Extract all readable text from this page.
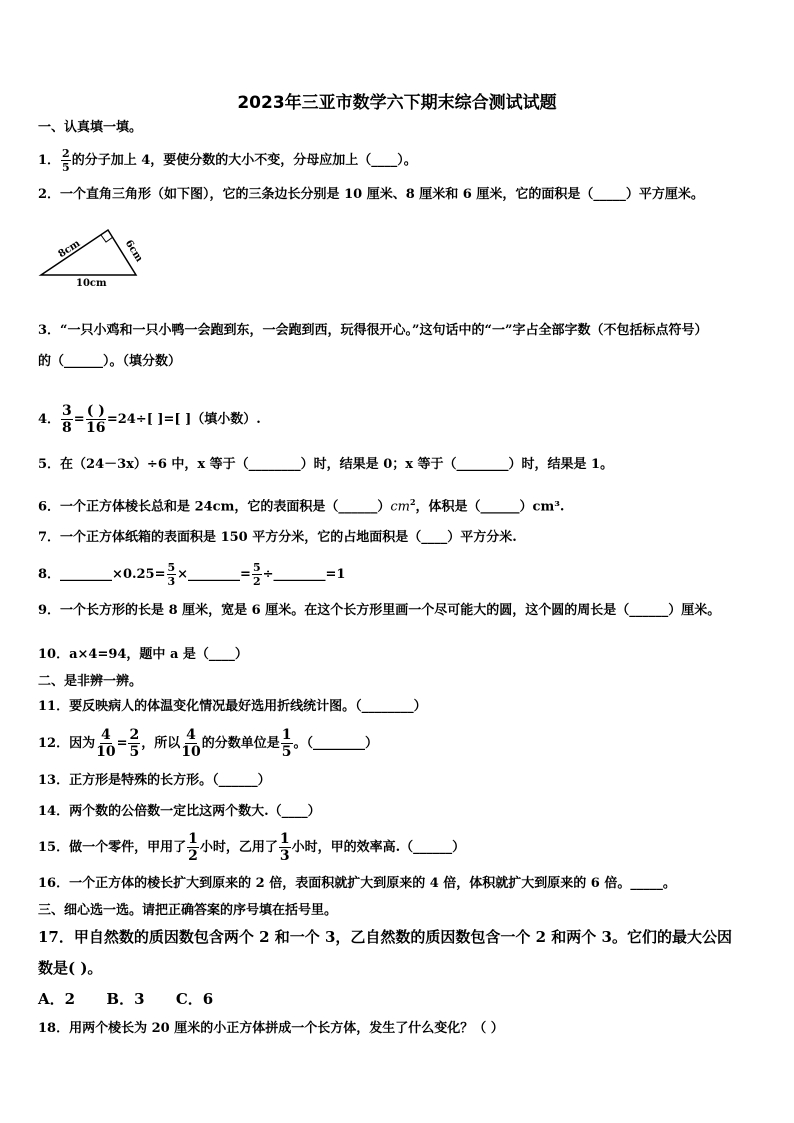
2023年三亚市数学六下期末综合测试试题
一、认真填一填。
1． $\frac{2}{5}$ 的分子加上 4，要使分数的大小不变，分母应加上（____）。
2．一个直角三角形（如下图），它的三条边长分别是 10 厘米、8 厘米和 6 厘米，它的面积是（_____）平方厘米。
8cm	6cm
10cm
3．“一只小鸡和一只小鸭一会跑到东，一会跑到西，玩得很开心。”这句话中的“一”字占全部字数（不包括标点符号）
的（______）。（填分数）
4． $\frac{3}{8} = \frac{( )}{16} =24\div$[ ]=[ ]（填小数）.
5．在（24－3x）÷6 中，x 等于（________）时，结果是 0；x 等于（________）时，结果是 1。
6．一个正方体棱长总和是 24cm，它的表面积是$(\_\_\_\_\_\_)cm^2$，体积是（______）cm³.
7．一个正方体纸箱的表面积是 150 平方分米，它的占地面积是（____）平方分米.
8．________×0.25= $\frac{5}{3}$ ×________= $\frac{5}{2}$ ÷________=1
9．一个长方形的长是 8 厘米，宽是 6 厘米。在这个长方形里画一个尽可能大的圆，这个圆的周长是（______）厘米。
10．a×4=94，题中 a 是（____）
二、是非辨一辨。
11．要反映病人的体温变化情况最好选用折线统计图。（________）
12．因为 $\frac{4}{10} = \frac{2}{5}$ ，所以 $\frac{4}{10}$ 的分数单位是 $\frac{1}{5}$ 。（________）
13．正方形是特殊的长方形。（______）
14．两个数的公倍数一定比这两个数大.（____）
15．做一个零件，甲用了 $\frac{1}{2}$ 小时，乙用了 $\frac{1}{3}$ 小时，甲的效率高.（______）
16．一个正方体的棱长扩大到原来的 2 倍，表面积就扩大到原来的 4 倍，体积就扩大到原来的 6 倍。_____。
三、细心选一选。请把正确答案的序号填在括号里。
17．甲自然数的质因数包含两个 2 和一个 3，乙自然数的质因数包含一个 2 和两个 3。它们的最大公因
数是( )。
A．2      B．3      C．6
18．用两个棱长为 20 厘米的小正方体拼成一个长方体，发生了什么变化？（ ）
